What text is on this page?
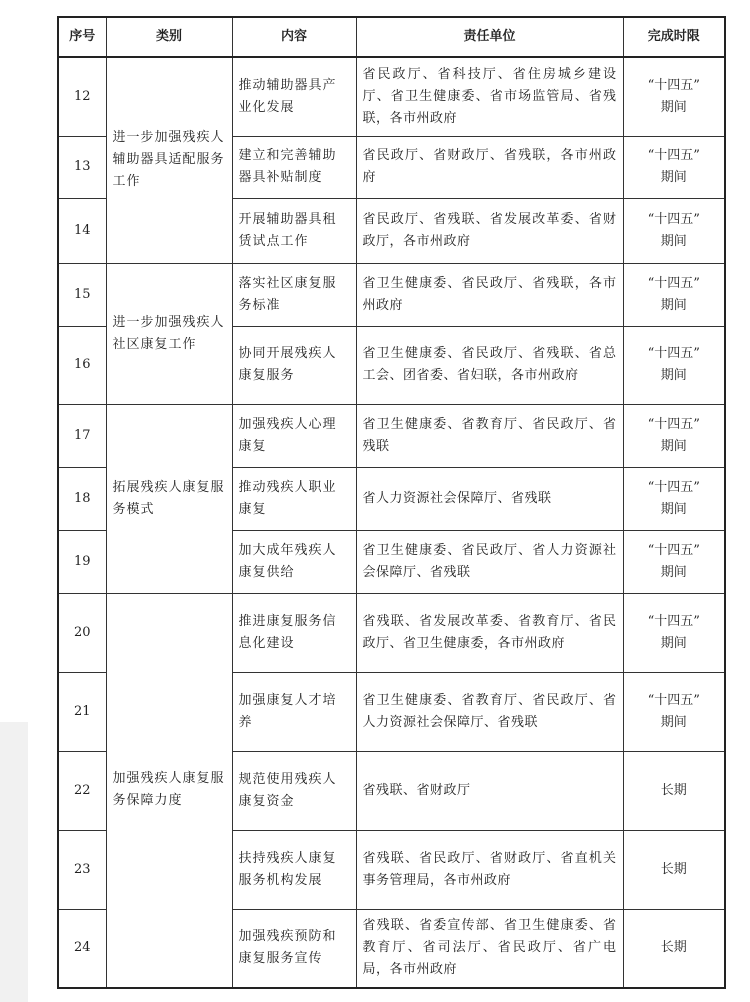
序号	类别	内容	责任单位	完成时限
12	进一步加强残疾人辅助器具适配服务工作	推动辅助器具产业化发展	省民政厅、省科技厅、省住房城乡建设厅、省卫生健康委、省市场监管局、省残联，各市州政府	“十四五”
期间

13		建立和完善辅助器具补贴制度	省民政厅、省财政厅、省残联，各市州政府	“十四五”
期间

14		开展辅助器具租赁试点工作	省民政厅、省残联、省发展改革委、省财政厅，各市州政府	“十四五”
期间

15	进一步加强残疾人社区康复工作	落实社区康复服务标准	省卫生健康委、省民政厅、省残联，各市州政府	“十四五”
期间

16		协同开展残疾人康复服务	省卫生健康委、省民政厅、省残联、省总工会、团省委、省妇联，各市州政府	“十四五”
期间

17	拓展残疾人康复服务模式	加强残疾人心理康复	省卫生健康委、省教育厅、省民政厅、省残联	“十四五”
期间

18		推动残疾人职业康复	省人力资源社会保障厅、省残联	“十四五”
期间

19		加大成年残疾人康复供给	省卫生健康委、省民政厅、省人力资源社会保障厅、省残联	“十四五”
期间

20	加强残疾人康复服务保障力度	推进康复服务信息化建设	省残联、省发展改革委、省教育厅、省民政厅、省卫生健康委，各市州政府	“十四五”
期间

21		加强康复人才培养	省卫生健康委、省教育厅、省民政厅、省人力资源社会保障厅、省残联	“十四五”
期间

22		规范使用残疾人康复资金	省残联、省财政厅	长期

23		扶持残疾人康复服务机构发展	省残联、省民政厅、省财政厅、省直机关事务管理局，各市州政府	长期

24		加强残疾预防和康复服务宣传	省残联、省委宣传部、省卫生健康委、省教育厅、省司法厅、省民政厅、省广电局，各市州政府	长期
